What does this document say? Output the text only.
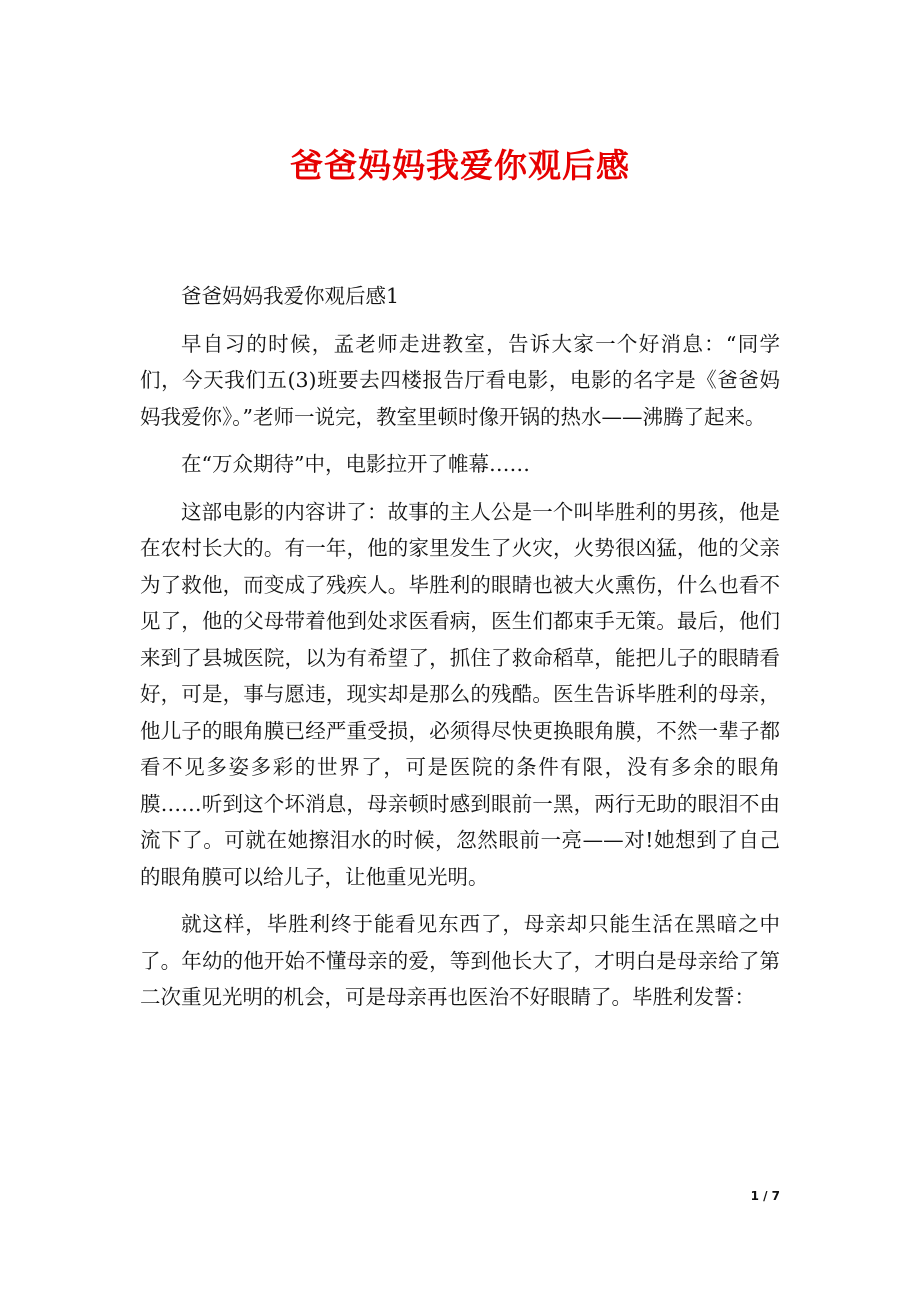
爸爸妈妈我爱你观后感

爸爸妈妈我爱你观后感1

早自习的时候，孟老师走进教室，告诉大家一个好消息：“同学们，今天我们五(3)班要去四楼报告厅看电影，电影的名字是《爸爸妈妈我爱你》。”老师一说完，教室里顿时像开锅的热水——沸腾了起来。

在“万众期待”中，电影拉开了帷幕……

这部电影的内容讲了：故事的主人公是一个叫毕胜利的男孩，他是在农村长大的。有一年，他的家里发生了火灾，火势很凶猛，他的父亲为了救他，而变成了残疾人。毕胜利的眼睛也被大火熏伤，什么也看不见了，他的父母带着他到处求医看病，医生们都束手无策。最后，他们来到了县城医院，以为有希望了，抓住了救命稻草，能把儿子的眼睛看好，可是，事与愿违，现实却是那么的残酷。医生告诉毕胜利的母亲，他儿子的眼角膜已经严重受损，必须得尽快更换眼角膜，不然一辈子都看不见多姿多彩的世界了，可是医院的条件有限，没有多余的眼角膜……听到这个坏消息，母亲顿时感到眼前一黑，两行无助的眼泪不由流下了。可就在她擦泪水的时候，忽然眼前一亮——对!她想到了自己的眼角膜可以给儿子，让他重见光明。

就这样，毕胜利终于能看见东西了，母亲却只能生活在黑暗之中了。年幼的他开始不懂母亲的爱，等到他长大了，才明白是母亲给了第二次重见光明的机会，可是母亲再也医治不好眼睛了。毕胜利发誓：

1 / 7
